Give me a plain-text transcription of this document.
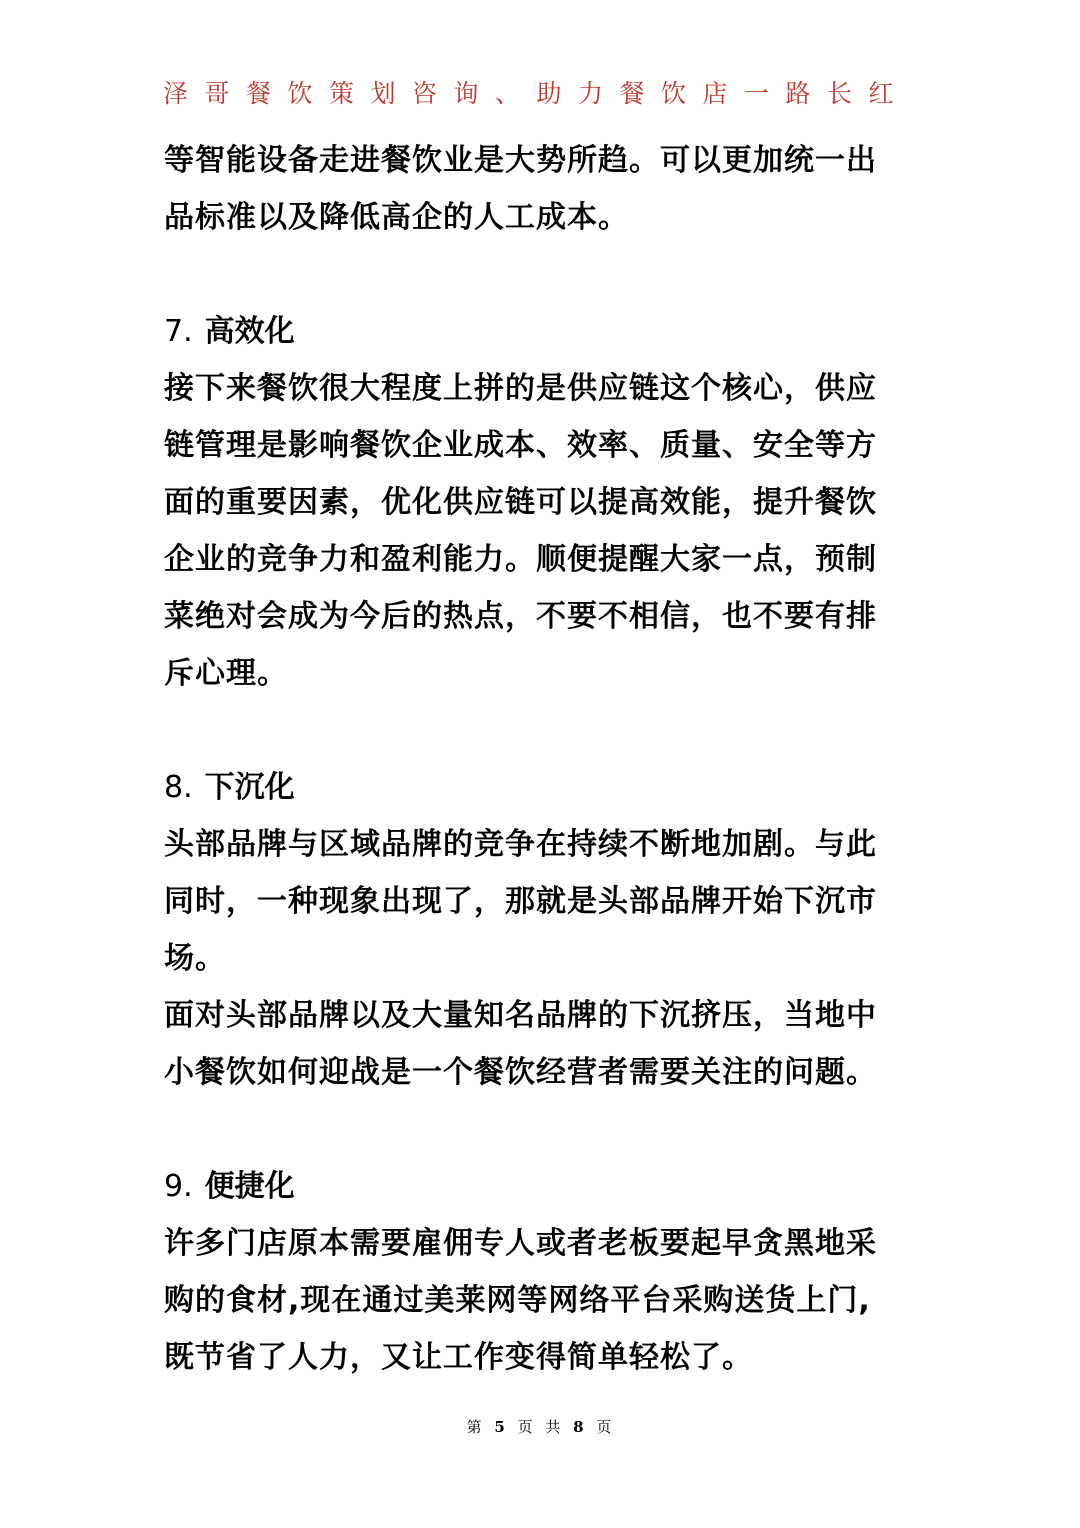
泽哥餐饮策划咨询、助力餐饮店一路长红

等智能设备走进餐饮业是大势所趋。可以更加统一出

品标准以及降低高企的人工成本。

7. 高效化

接下来餐饮很大程度上拼的是供应链这个核心，供应

链管理是影响餐饮企业成本、效率、质量、安全等方

面的重要因素，优化供应链可以提高效能，提升餐饮

企业的竞争力和盈利能力。顺便提醒大家一点，预制

菜绝对会成为今后的热点，不要不相信，也不要有排

斥心理。

8. 下沉化

头部品牌与区域品牌的竞争在持续不断地加剧。与此

同时，一种现象出现了，那就是头部品牌开始下沉市

场。

面对头部品牌以及大量知名品牌的下沉挤压，当地中

小餐饮如何迎战是一个餐饮经营者需要关注的问题。

9. 便捷化

许多门店原本需要雇佣专人或者老板要起早贪黑地采

购的食材,现在通过美莱网等网络平台采购送货上门,

既节省了人力，又让工作变得简单轻松了。

第 5 页 共 8 页
